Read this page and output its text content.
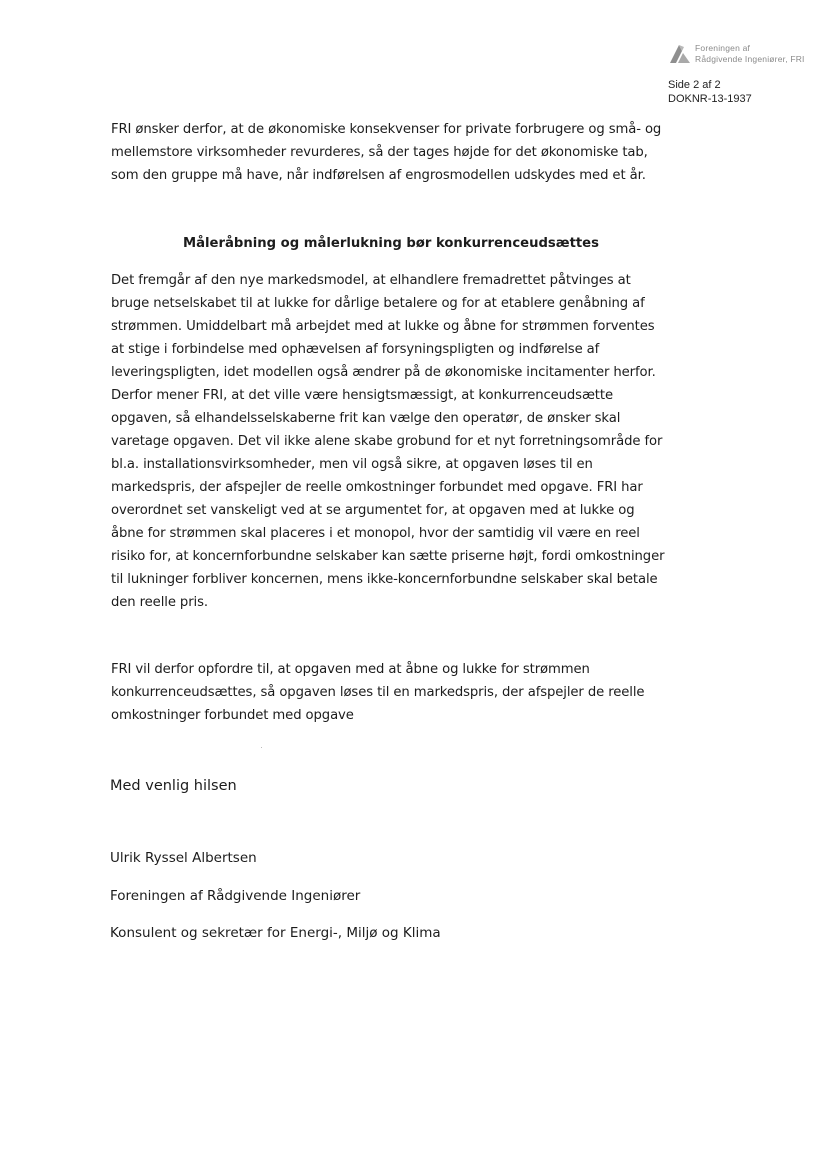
Foreningen af
Rådgivende Ingeniører, FRI
Side 2 af 2
DOKNR-13-1937
FRI ønsker derfor, at de økonomiske konsekvenser for private forbrugere og små- og mellemstore virksomheder revurderes, så der tages højde for det økonomiske tab, som den gruppe må have, når indførelsen af engrosmodellen udskydes med et år.
Måleråbning og målerlukning bør konkurrenceudsættes
Det fremgår af den nye markedsmodel, at elhandlere fremadrettet påtvinges at bruge netselskabet til at lukke for dårlige betalere og for at etablere genåbning af strømmen. Umiddelbart må arbejdet med at lukke og åbne for strømmen forventes at stige i forbindelse med ophævelsen af forsyningspligten og indførelse af leveringspligten, idet modellen også ændrer på de økonomiske incitamenter herfor. Derfor mener FRI, at det ville være hensigtsmæssigt, at konkurrenceudsætte opgaven, så elhandelsselskaberne frit kan vælge den operatør, de ønsker skal varetage opgaven. Det vil ikke alene skabe grobund for et nyt forretningsområde for bl.a. installationsvirksomheder, men vil også sikre, at opgaven løses til en markedspris, der afspejler de reelle omkostninger forbundet med opgave. FRI har overordnet set vanskeligt ved at se argumentet for, at opgaven med at lukke og åbne for strømmen skal placeres i et monopol, hvor der samtidig vil være en reel risiko for, at koncernforbundne selskaber kan sætte priserne højt, fordi omkostninger til lukninger forbliver koncernen, mens ikke-koncernforbundne selskaber skal betale den reelle pris.
FRI vil derfor opfordre til, at opgaven med at åbne og lukke for strømmen konkurrenceudsættes, så opgaven løses til en markedspris, der afspejler de reelle omkostninger forbundet med opgave
Med venlig hilsen
Ulrik Ryssel Albertsen
Foreningen af Rådgivende Ingeniører
Konsulent og sekretær for Energi-, Miljø og Klima
